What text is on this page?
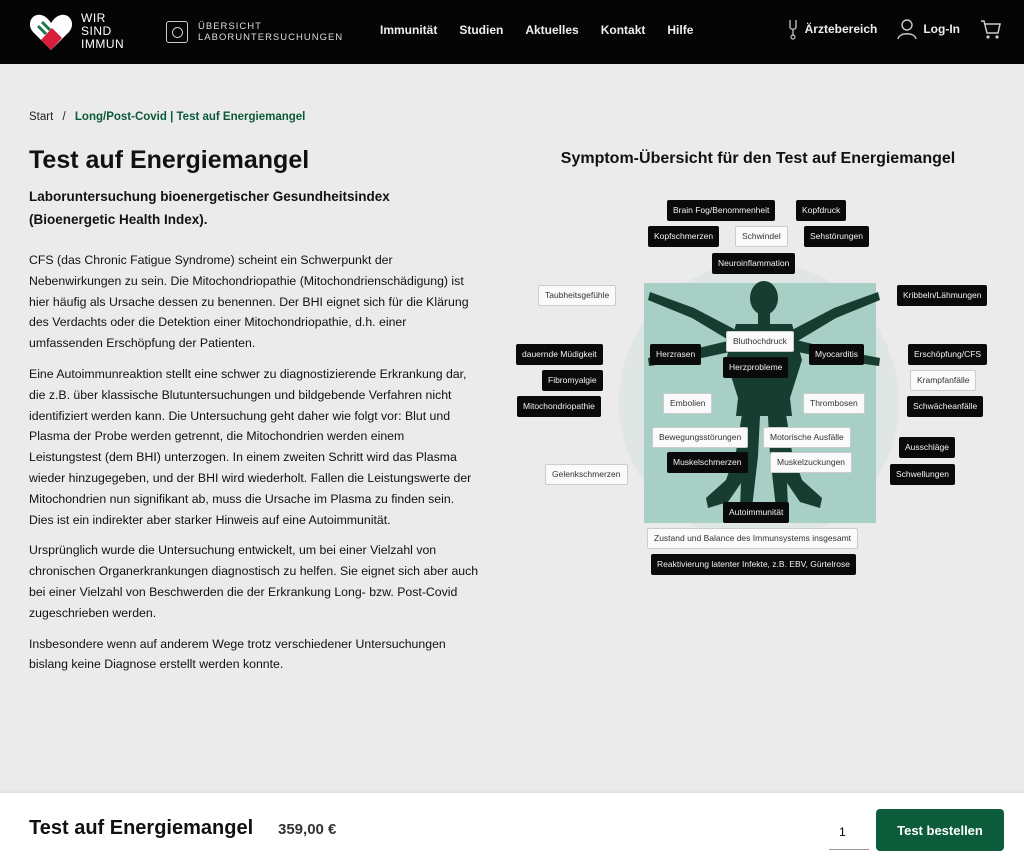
WIR
SIND
IMMUN
ÜBERSICHT
LABORUNTERSUCHUNGEN
Immunität Studien Aktuelles Kontakt Hilfe	Ärztebereich	Log-In
Start / Long/Post-Covid | Test auf Energiemangel
Test auf Energiemangel
Laboruntersuchung bioenergetischer Gesundheitsindex (Bioenergetic Health Index).

CFS (das Chronic Fatigue Syndrome) scheint ein Schwerpunkt der Nebenwirkungen zu sein. Die Mitochondriopathie (Mitochondrienschädigung) ist hier häufig als Ursache dessen zu benennen. Der BHI eignet sich für die Klärung des Verdachts oder die Detektion einer Mitochondriopathie, d.h. einer umfassenden Erschöpfung der Patienten.

Eine Autoimmunreaktion stellt eine schwer zu diagnostizierende Erkrankung dar, die z.B. über klassische Blutuntersuchungen und bildgebende Verfahren nicht identifiziert werden kann. Die Untersuchung geht daher wie folgt vor: Blut und Plasma der Probe werden getrennt, die Mitochondrien werden einem Leistungstest (dem BHI) unterzogen. In einem zweiten Schritt wird das Plasma wieder hinzugegeben, und der BHI wird wiederholt. Fallen die Leistungswerte der Mitochondrien nun signifikant ab, muss die Ursache im Plasma zu finden sein. Dies ist ein indirekter aber starker Hinweis auf eine Autoimmunität.

Ursprünglich wurde die Untersuchung entwickelt, um bei einer Vielzahl von chronischen Organerkrankungen diagnostisch zu helfen. Sie eignet sich aber auch bei einer Vielzahl von Beschwerden die der Erkrankung Long- bzw. Post-Covid zugeschrieben werden.

Insbesondere wenn auf anderem Wege trotz verschiedener Untersuchungen bislang keine Diagnose erstellt werden konnte.

Symptom-Übersicht für den Test auf Energiemangel
Brain Fog/Benommenheit	Kopfdruck
Kopfschmerzen	Schwindel	Sehstörungen
Neuroinflammation
Taubheitsgefühle	Kribbeln/Lähmungen
Bluthochdruck
dauernde Müdigkeit	Herzrasen	Myocarditis	Erschöpfung/CFS
Herzprobleme
Fibromyalgie	Krampfanfälle
Mitochondriopathie	Embolien	Thrombosen	Schwächeanfälle
Bewegungsstörungen	Motorische Ausfälle
Ausschläge
Muskelschmerzen	Muskelzuckungen
Gelenkschmerzen	Schwellungen
Autoimmunität
Zustand und Balance des Immunsystems insgesamt
Reaktivierung latenter Infekte, z.B. EBV, Gürtelrose
Test auf Energiemangel 359,00 €
1	Test bestellen
